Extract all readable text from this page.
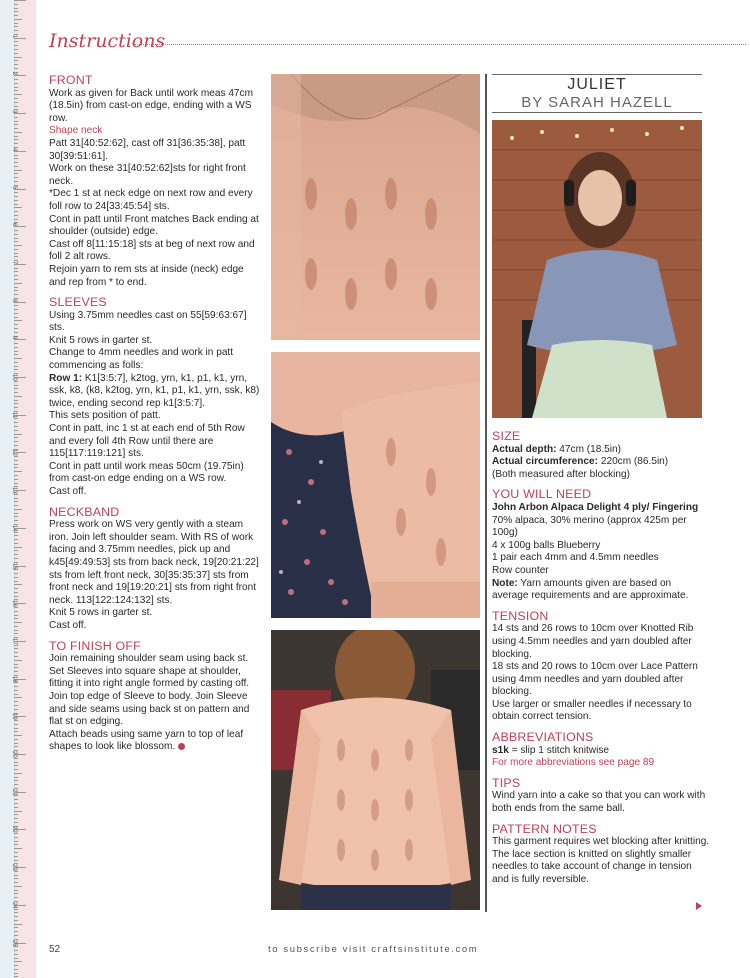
1
2
3
4
5
6
7
8
9
10
11
12
13
14
15
16
17
18
19
20
21
22
23
24
25
Instructions
FRONT

Work as given for Back until work meas 47cm (18.5in) from cast-on edge, ending with a WS row.

Shape neck

Patt 31[40:52:62], cast off 31[36:35:38], patt 30[39:51:61].

Work on these 31[40:52:62]sts for right front neck.

*Dec 1 st at neck edge on next row and every foll row to 24[33:45:54] sts.

Cont in patt until Front matches Back ending at shoulder (outside) edge.

Cast off 8[11:15:18] sts at beg of next row and foll 2 alt rows.

Rejoin yarn to rem sts at inside (neck) edge and rep from * to end.

SLEEVES

Using 3.75mm needles cast on 55[59:63:67] sts.

Knit 5 rows in garter st.

Change to 4mm needles and work in patt commencing as folls:

Row 1: K1[3:5:7], k2tog, yrn, k1, p1, k1, yrn, ssk, k8, (k8, k2tog, yrn, k1, p1, k1, yrn, ssk, k8) twice, ending second rep k1[3:5:7].

This sets position of patt.

Cont in patt, inc 1 st at each end of 5th Row and every foll 4th Row until there are 115[117:119:121] sts.

Cont in patt until work meas 50cm (19.75in) from cast-on edge ending on a WS row.

Cast off.

NECKBAND

Press work on WS very gently with a steam iron. Join left shoulder seam. With RS of work facing and 3.75mm needles, pick up and k45[49:49:53] sts from back neck, 19[20:21:22] sts from left front neck, 30[35:35:37] sts from front neck and 19[19:20:21] sts from right front neck. 113[122:124:132] sts.

Knit 5 rows in garter st.

Cast off.

TO FINISH OFF

Join remaining shoulder seam using back st. Set Sleeves into square shape at shoulder, fitting it into right angle formed by casting off. Join top edge of Sleeve to body. Join Sleeve and side seams using back st on pattern and flat st on edging.

Attach beads using same yarn to top of leaf shapes to look like blossom.

JULIET
BY SARAH HAZELL
SIZE

Actual depth: 47cm (18.5in)

Actual circumference: 220cm (86.5in)

(Both measured after blocking)

YOU WILL NEED

John Arbon Alpaca Delight 4 ply/ Fingering 70% alpaca, 30% merino (approx 425m per 100g)

4 x 100g balls Blueberry

1 pair each 4mm and 4.5mm needles

Row counter

Note: Yarn amounts given are based on average requirements and are approximate.

TENSION

14 sts and 26 rows to 10cm over Knotted Rib using 4.5mm needles and yarn doubled after blocking.

18 sts and 20 rows to 10cm over Lace Pattern using 4mm needles and yarn doubled after blocking.

Use larger or smaller needles if necessary to obtain correct tension.

ABBREVIATIONS

s1k = slip 1 stitch knitwise

For more abbreviations see page 89

TIPS

Wind yarn into a cake so that you can work with both ends from the same ball.

PATTERN NOTES

This garment requires wet blocking after knitting. The lace section is knitted on slightly smaller needles to take account of change in tension and is fully reversible.

52	to subscribe visit craftsinstitute.com
